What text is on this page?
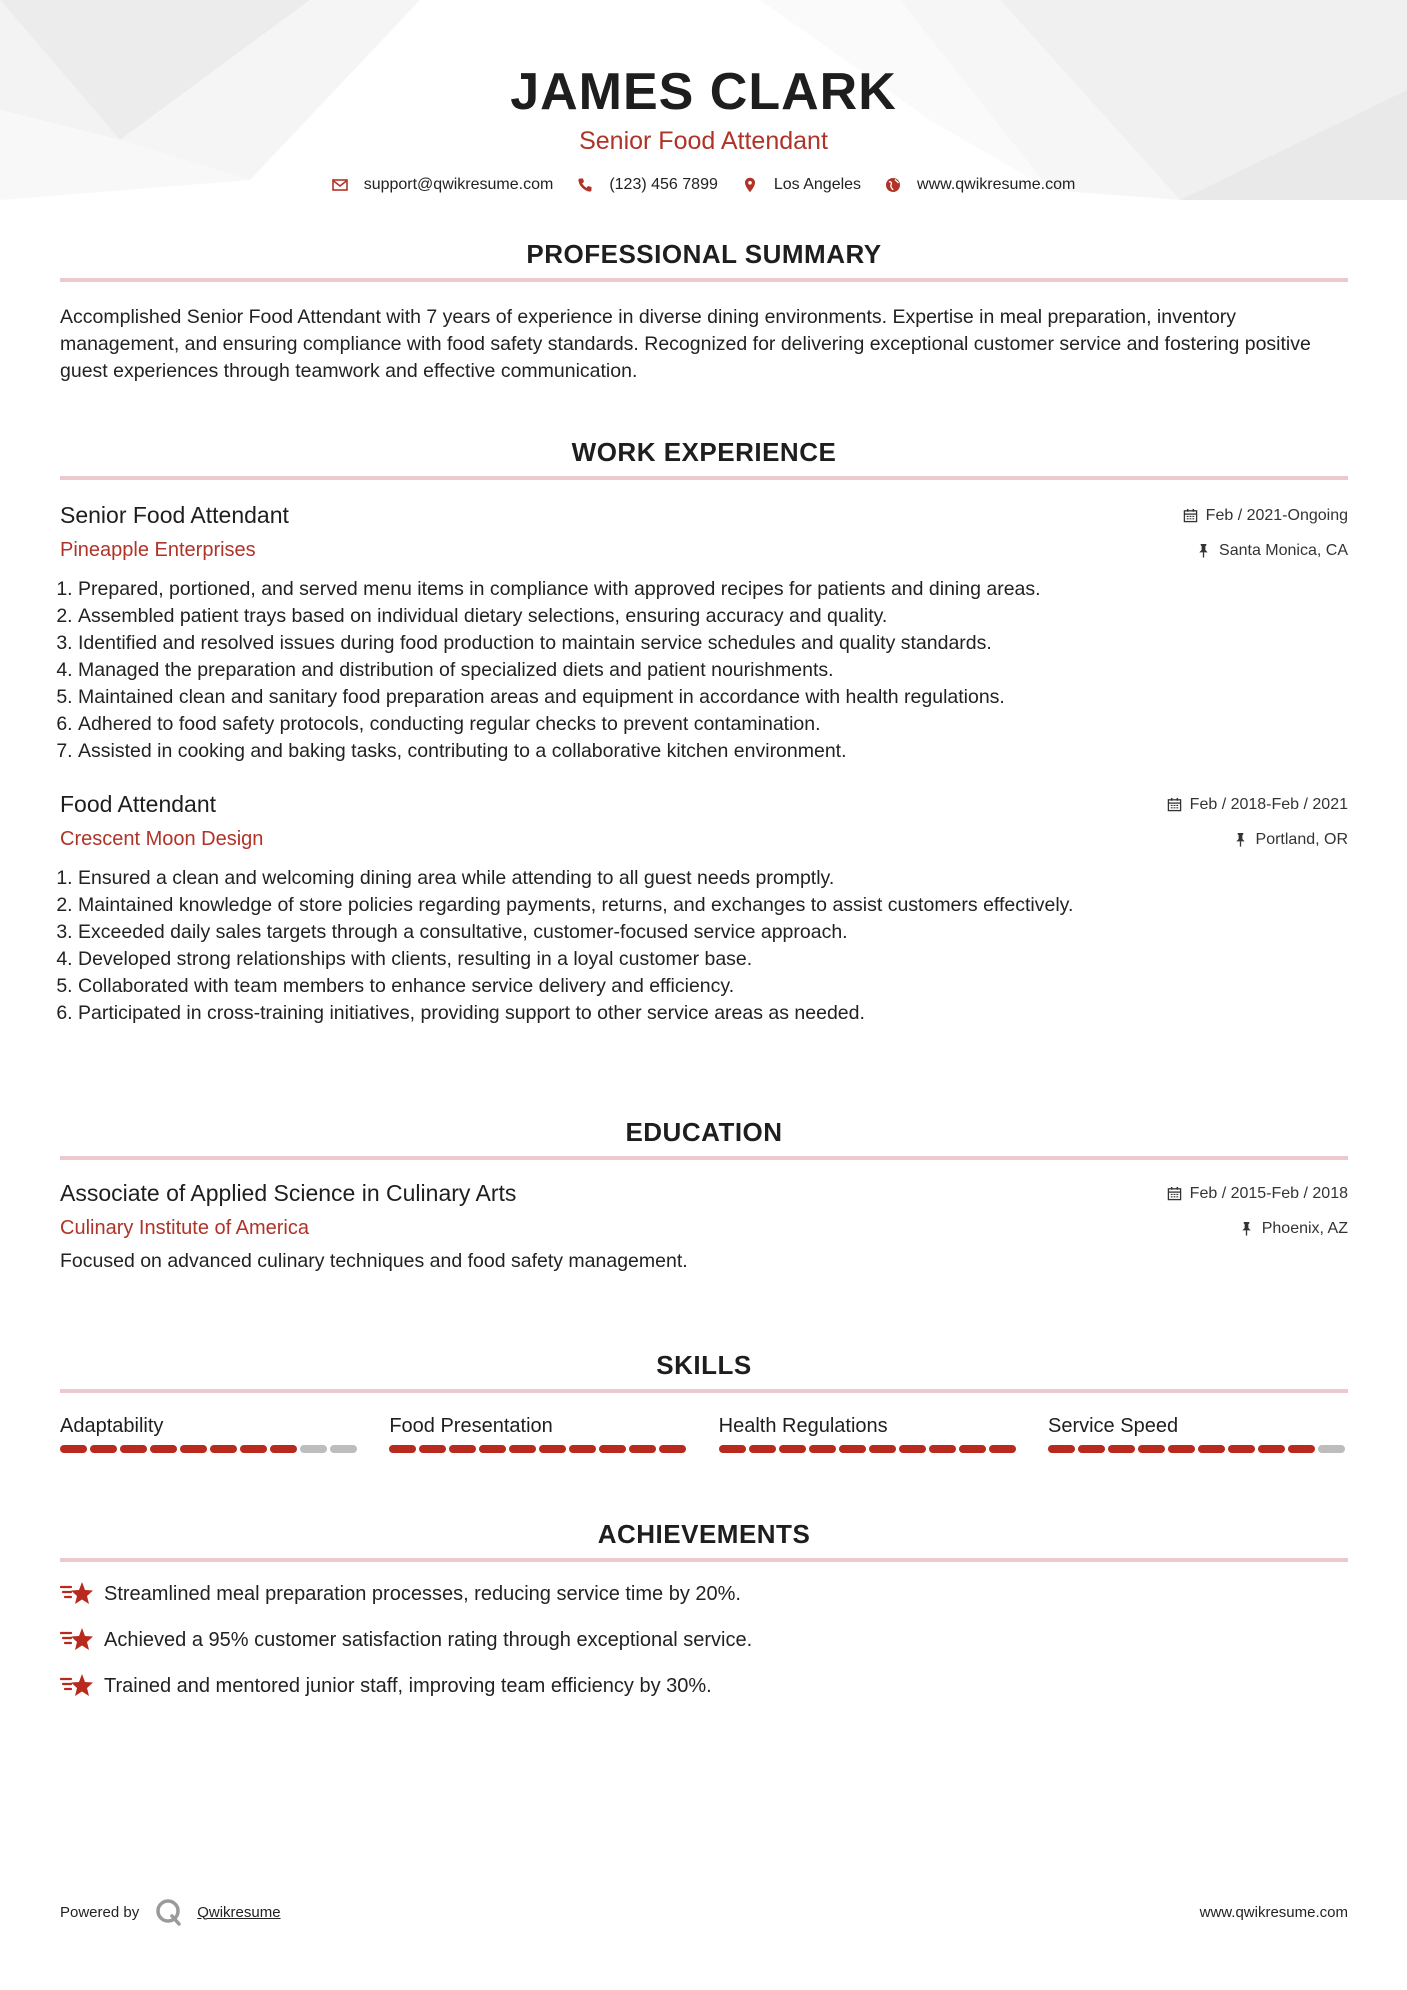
JAMES CLARK
Senior Food Attendant
support@qwikresume.com	(123) 456 7899	Los Angeles	www.qwikresume.com
PROFESSIONAL SUMMARY
Accomplished Senior Food Attendant with 7 years of experience in diverse dining environments. Expertise in meal preparation, inventory management, and ensuring compliance with food safety standards. Recognized for delivering exceptional customer service and fostering positive guest experiences through teamwork and effective communication.
WORK EXPERIENCE
Senior Food Attendant	Feb / 2021-Ongoing
Pineapple Enterprises	Santa Monica, CA
1. Prepared, portioned, and served menu items in compliance with approved recipes for patients and dining areas.
2. Assembled patient trays based on individual dietary selections, ensuring accuracy and quality.
3. Identified and resolved issues during food production to maintain service schedules and quality standards.
4. Managed the preparation and distribution of specialized diets and patient nourishments.
5. Maintained clean and sanitary food preparation areas and equipment in accordance with health regulations.
6. Adhered to food safety protocols, conducting regular checks to prevent contamination.
7. Assisted in cooking and baking tasks, contributing to a collaborative kitchen environment.
Food Attendant	Feb / 2018-Feb / 2021
Crescent Moon Design	Portland, OR
1. Ensured a clean and welcoming dining area while attending to all guest needs promptly.
2. Maintained knowledge of store policies regarding payments, returns, and exchanges to assist customers effectively.
3. Exceeded daily sales targets through a consultative, customer-focused service approach.
4. Developed strong relationships with clients, resulting in a loyal customer base.
5. Collaborated with team members to enhance service delivery and efficiency.
6. Participated in cross-training initiatives, providing support to other service areas as needed.
EDUCATION
Associate of Applied Science in Culinary Arts	Feb / 2015-Feb / 2018
Culinary Institute of America	Phoenix, AZ
Focused on advanced culinary techniques and food safety management.
SKILLS
Adaptability	Food Presentation	Health Regulations	Service Speed
ACHIEVEMENTS
Streamlined meal preparation processes, reducing service time by 20%.
Achieved a 95% customer satisfaction rating through exceptional service.
Trained and mentored junior staff, improving team efficiency by 30%.
Powered by	Qwikresume	www.qwikresume.com
